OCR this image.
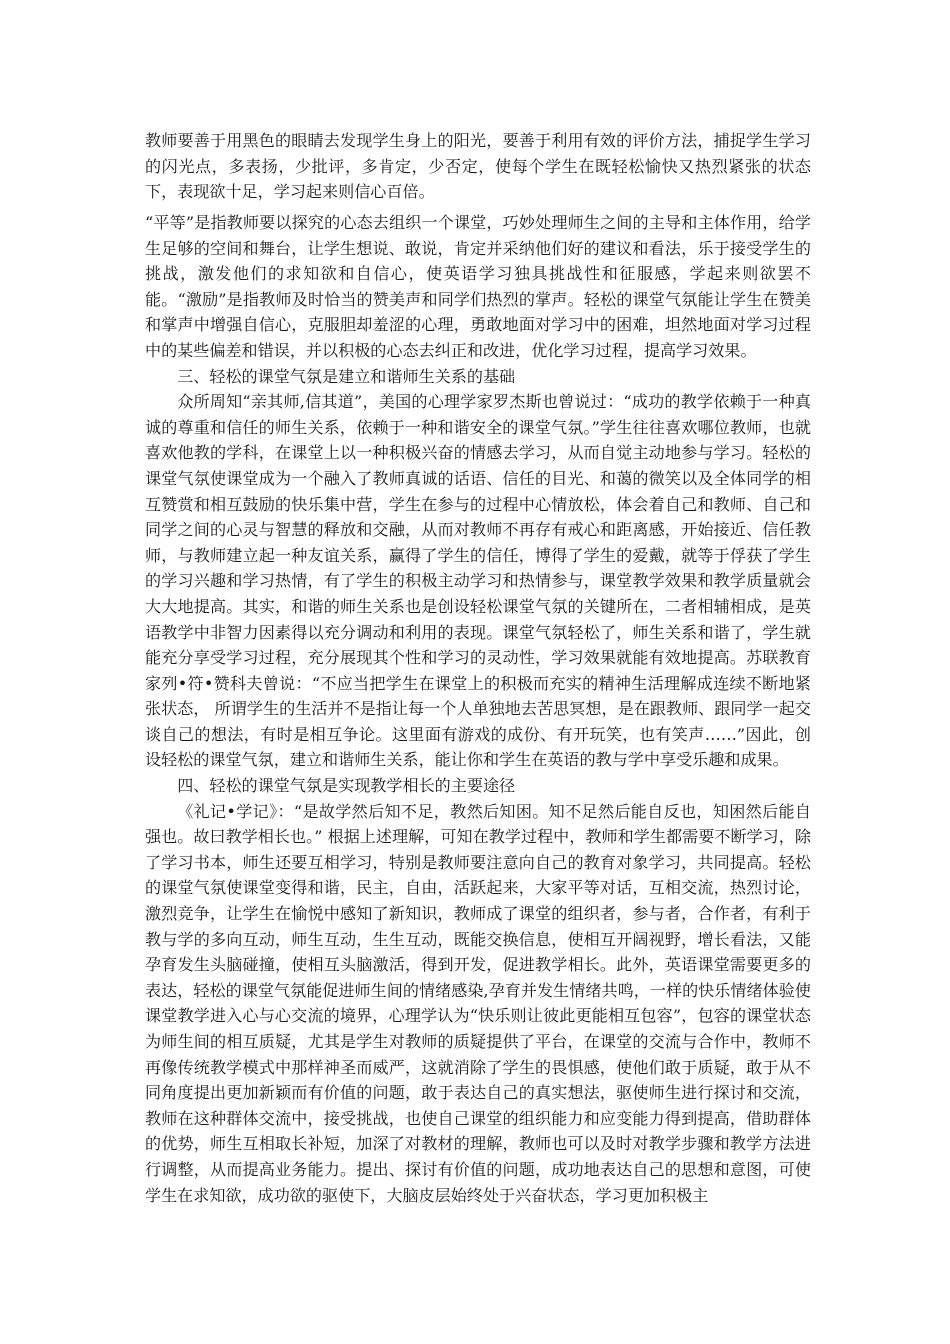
教师要善于用黑色的眼睛去发现学生身上的阳光，要善于利用有效的评价方法，捕捉学生学习的闪光点，多表扬，少批评，多肯定，少否定，使每个学生在既轻松愉快又热烈紧张的状态下，表现欲十足，学习起来则信心百倍。

“平等”是指教师要以探究的心态去组织一个课堂，巧妙处理师生之间的主导和主体作用，给学生足够的空间和舞台，让学生想说、敢说，肯定并采纳他们好的建议和看法，乐于接受学生的挑战，激发他们的求知欲和自信心，使英语学习独具挑战性和征服感，学起来则欲罢不能。“激励”是指教师及时恰当的赞美声和同学们热烈的掌声。轻松的课堂气氛能让学生在赞美和掌声中增强自信心，克服胆却羞涩的心理，勇敢地面对学习中的困难，坦然地面对学习过程中的某些偏差和错误，并以积极的心态去纠正和改进，优化学习过程，提高学习效果。

三、轻松的课堂气氛是建立和谐师生关系的基础

众所周知“亲其师,信其道”，美国的心理学家罗杰斯也曾说过：“成功的教学依赖于一种真诚的尊重和信任的师生关系，依赖于一种和谐安全的课堂气氛。”学生往往喜欢哪位教师，也就喜欢他教的学科，在课堂上以一种积极兴奋的情感去学习，从而自觉主动地参与学习。轻松的课堂气氛使课堂成为一个融入了教师真诚的话语、信任的目光、和蔼的微笑以及全体同学的相互赞赏和相互鼓励的快乐集中营，学生在参与的过程中心情放松，体会着自己和教师、自己和同学之间的心灵与智慧的释放和交融，从而对教师不再存有戒心和距离感，开始接近、信任教师，与教师建立起一种友谊关系，赢得了学生的信任，博得了学生的爱戴，就等于俘获了学生的学习兴趣和学习热情，有了学生的积极主动学习和热情参与，课堂教学效果和教学质量就会大大地提高。其实，和谐的师生关系也是创设轻松课堂气氛的关键所在，二者相辅相成，是英语教学中非智力因素得以充分调动和利用的表现。课堂气氛轻松了，师生关系和谐了，学生就能充分享受学习过程，充分展现其个性和学习的灵动性，学习效果就能有效地提高。苏联教育家列•符•赞科夫曾说：“不应当把学生在课堂上的积极而充实的精神生活理解成连续不断地紧张状态， 所谓学生的生活并不是指让每一个人单独地去苦思冥想，是在跟教师、跟同学一起交谈自己的想法，有时是相互争论。这里面有游戏的成份、有开玩笑，也有笑声……”因此，创设轻松的课堂气氛，建立和谐师生关系，能让你和学生在英语的教与学中享受乐趣和成果。

四、轻松的课堂气氛是实现教学相长的主要途径

《礼记•学记》：“是故学然后知不足，教然后知困。知不足然后能自反也，知困然后能自强也。故曰教学相长也。” 根据上述理解，可知在教学过程中，教师和学生都需要不断学习，除了学习书本，师生还要互相学习，特别是教师要注意向自己的教育对象学习，共同提高。轻松的课堂气氛使课堂变得和谐，民主，自由，活跃起来，大家平等对话，互相交流，热烈讨论，激烈竞争，让学生在愉悦中感知了新知识，教师成了课堂的组织者，参与者，合作者，有利于教与学的多向互动，师生互动，生生互动，既能交换信息，使相互开阔视野，增长看法，又能孕育发生头脑碰撞，使相互头脑激活，得到开发，促进教学相长。此外，英语课堂需要更多的表达，轻松的课堂气氛能促进师生间的情绪感染,孕育并发生情绪共鸣，一样的快乐情绪体验使课堂教学进入心与心交流的境界，心理学认为“快乐则让彼此更能相互包容”，包容的课堂状态为师生间的相互质疑，尤其是学生对教师的质疑提供了平台，在课堂的交流与合作中，教师不再像传统教学模式中那样神圣而威严，这就消除了学生的畏惧感，使他们敢于质疑，敢于从不同角度提出更加新颖而有价值的问题，敢于表达自己的真实想法，驱使师生进行探讨和交流，教师在这种群体交流中，接受挑战，也使自己课堂的组织能力和应变能力得到提高，借助群体的优势，师生互相取长补短，加深了对教材的理解，教师也可以及时对教学步骤和教学方法进行调整，从而提高业务能力。提出、探讨有价值的问题，成功地表达自己的思想和意图，可使学生在求知欲，成功欲的驱使下，大脑皮层始终处于兴奋状态，学习更加积极主
